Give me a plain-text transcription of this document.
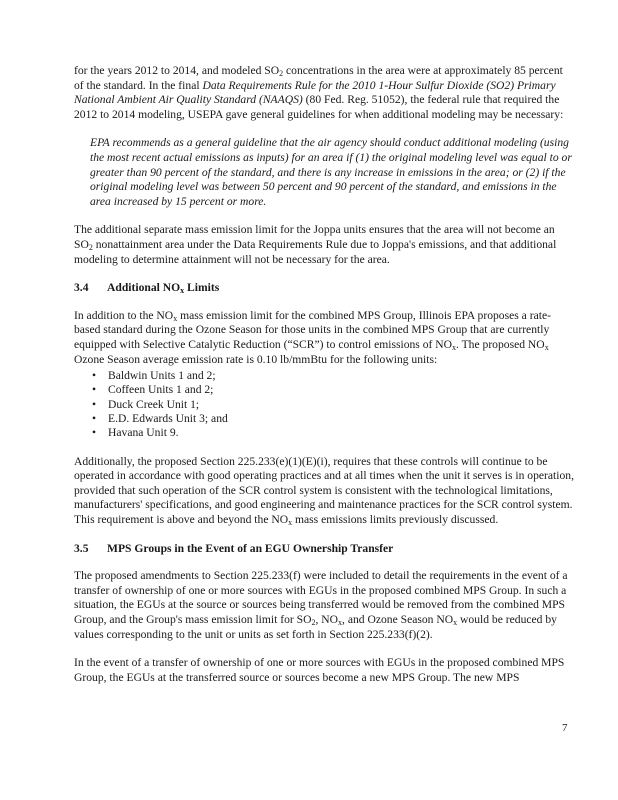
for the years 2012 to 2014, and modeled $SO_2$ concentrations in the area were at approximately 85 percent of the standard. In the final Data Requirements Rule for the 2010 1-Hour Sulfur Dioxide (SO2) Primary National Ambient Air Quality Standard (NAAQS) (80 Fed. Reg. 51052), the federal rule that required the 2012 to 2014 modeling, USEPA gave general guidelines for when additional modeling may be necessary:

EPA recommends as a general guideline that the air agency should conduct additional modeling (using the most recent actual emissions as inputs) for an area if (1) the original modeling level was equal to or greater than 90 percent of the standard, and there is any increase in emissions in the area; or (2) if the original modeling level was between 50 percent and 90 percent of the standard, and emissions in the area increased by 15 percent or more.

The additional separate mass emission limit for the Joppa units ensures that the area will not become an $SO_2$ nonattainment area under the Data Requirements Rule due to Joppa's emissions, and that additional modeling to determine attainment will not be necessary for the area.

3.4	Additional $NO_x$ Limits

In addition to the $NO_x$ mass emission limit for the combined MPS Group, Illinois EPA proposes a rate-based standard during the Ozone Season for those units in the combined MPS Group that are currently equipped with Selective Catalytic Reduction (“SCR”) to control emissions of $NO_x$. The proposed $NO_x$ Ozone Season average emission rate is 0.10 lb/mmBtu for the following units:

• Baldwin Units 1 and 2;
• Coffeen Units 1 and 2;
• Duck Creek Unit 1;
• E.D. Edwards Unit 3; and
• Havana Unit 9.

Additionally, the proposed Section 225.233(e)(1)(E)(i), requires that these controls will continue to be operated in accordance with good operating practices and at all times when the unit it serves is in operation, provided that such operation of the SCR control system is consistent with the technological limitations, manufacturers' specifications, and good engineering and maintenance practices for the SCR control system. This requirement is above and beyond the $NO_x$ mass emissions limits previously discussed.

3.5	MPS Groups in the Event of an EGU Ownership Transfer

The proposed amendments to Section 225.233(f) were included to detail the requirements in the event of a transfer of ownership of one or more sources with EGUs in the proposed combined MPS Group. In such a situation, the EGUs at the source or sources being transferred would be removed from the combined MPS Group, and the Group's mass emission limit for $SO_2$, $NO_x$, and Ozone Season $NO_x$ would be reduced by values corresponding to the unit or units as set forth in Section 225.233(f)(2).

In the event of a transfer of ownership of one or more sources with EGUs in the proposed combined MPS Group, the EGUs at the transferred source or sources become a new MPS Group. The new MPS

7
